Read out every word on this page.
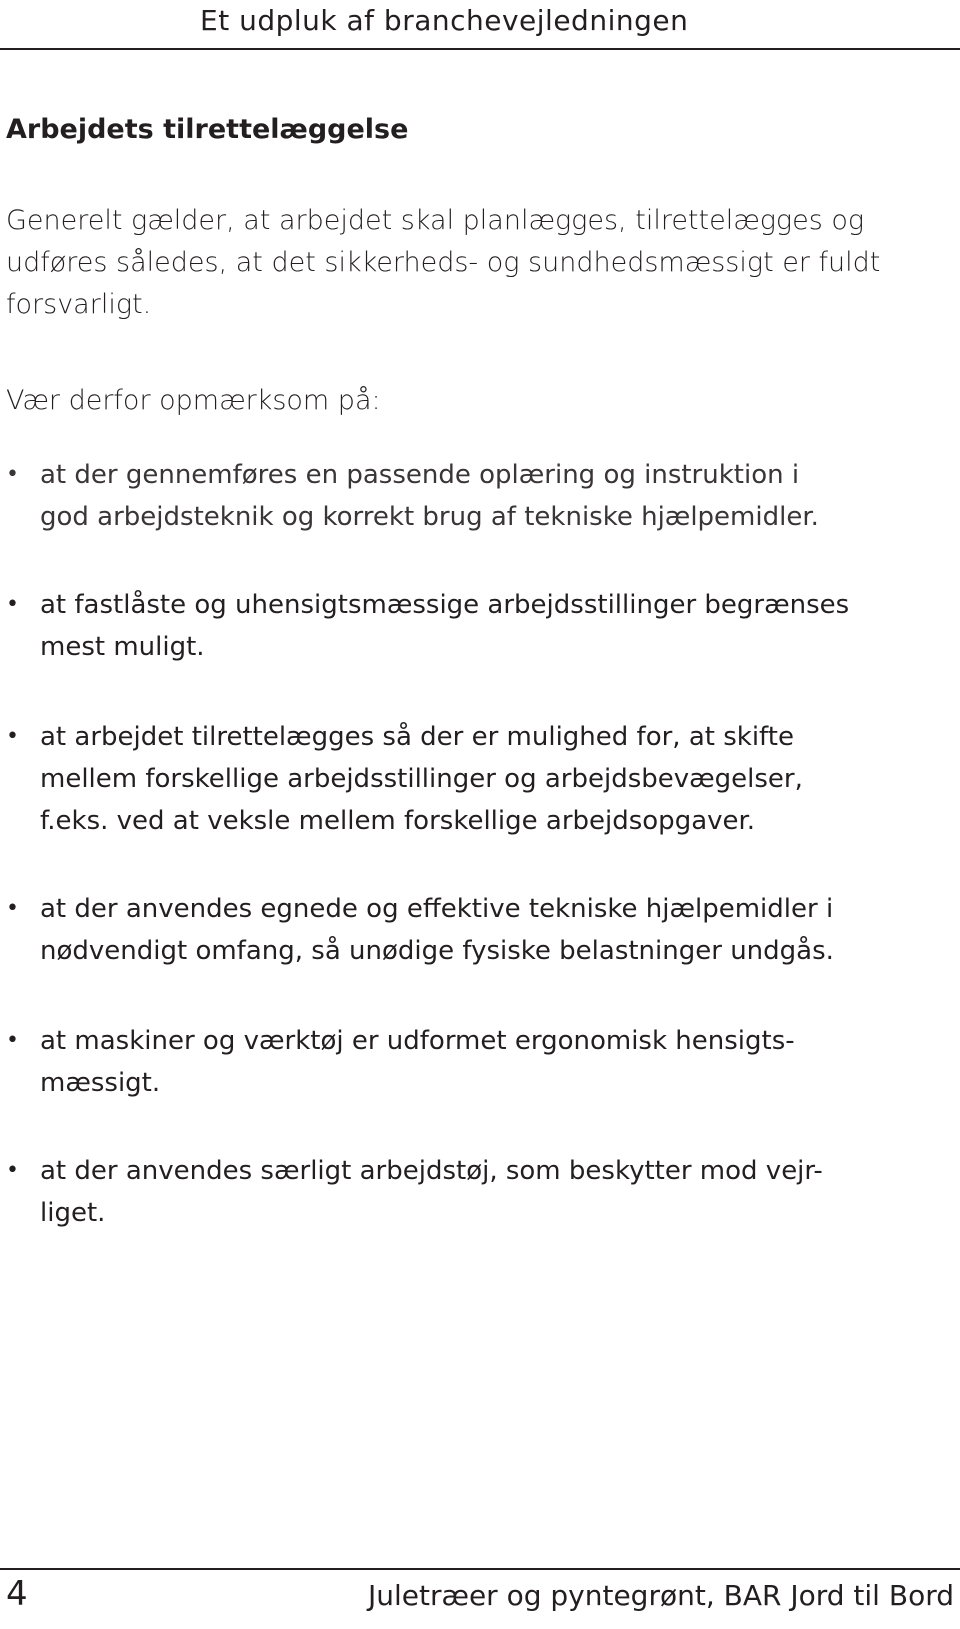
Et udpluk af branchevejledningen
Arbejdets tilrettelæggelse
Generelt gælder, at arbejdet skal planlægges, tilrettelægges og
udføres således, at det sikkerheds- og sundhedsmæssigt er fuldt
forsvarligt.
Vær derfor opmærksom på:
• at der gennemføres en passende oplæring og instruktion i
god arbejdsteknik og korrekt brug af tekniske hjælpemidler.
• at fastlåste og uhensigtsmæssige arbejdsstillinger begrænses
mest muligt.
• at arbejdet tilrettelægges så der er mulighed for, at skifte
mellem forskellige arbejdsstillinger og arbejdsbevægelser,
f.eks. ved at veksle mellem forskellige arbejdsopgaver.
• at der anvendes egnede og effektive tekniske hjælpemidler i
nødvendigt omfang, så unødige fysiske belastninger undgås.
• at maskiner og værktøj er udformet ergonomisk hensigts-
mæssigt.
• at der anvendes særligt arbejdstøj, som beskytter mod vejr-
liget.
4	Juletræer og pyntegrønt, BAR Jord til Bord
